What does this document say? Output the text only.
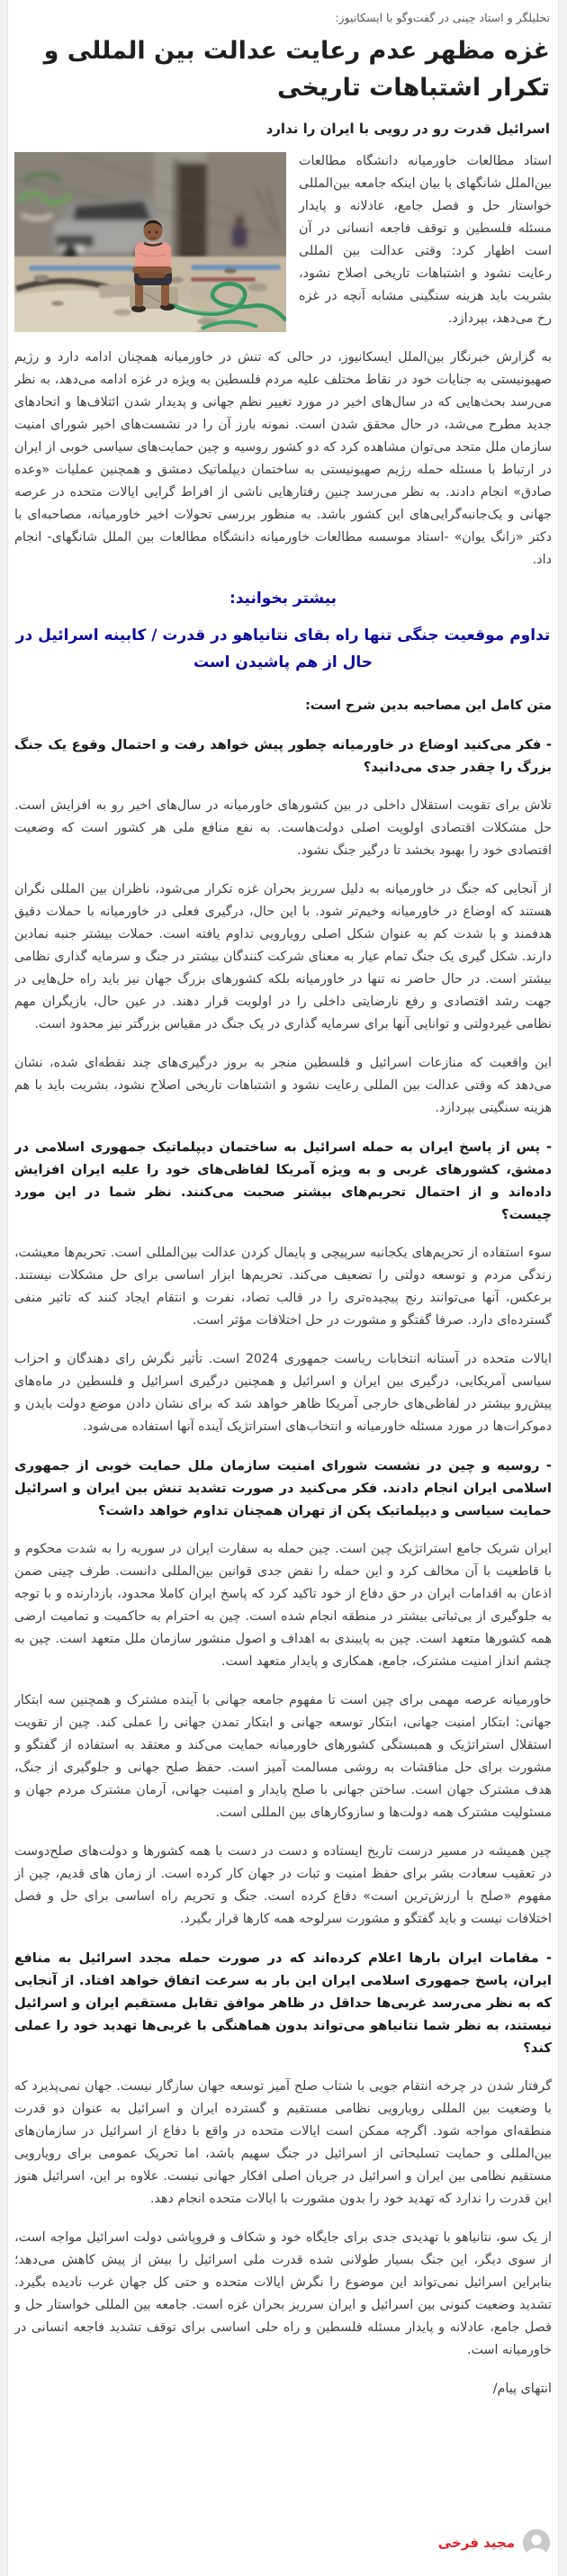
تحلیلگر و استاد چینی در گفت‌وگو با ایسکانیوز:
غزه مظهر عدم رعایت عدالت بین المللی و تکرار اشتباهات تاریخی
اسرائیل قدرت رو در رویی با ایران را ندارد

استاد مطالعات خاورمیانه دانشگاه مطالعات بین‌الملل شانگهای با بیان اینکه جامعه بین‌المللی خواستار حل و فصل جامع، عادلانه و پایدار مسئله فلسطین و توقف فاجعه انسانی در آن است اظهار کرد: وقتی عدالت بین المللی رعایت نشود و اشتباهات تاریخی اصلاح نشود، بشریت باید هزینه سنگینی مشابه آنچه در غزه رخ می‌دهد، بپردازد.

به گزارش خبرنگار بین‌الملل ایسکانیوز، در حالی که تنش در خاورمیانه همچنان ادامه دارد و رژیم صهیونیستی به جنایات خود در نقاط مختلف علیه مردم فلسطین به ویژه در غزه ادامه می‌دهد، به نظر می‌رسد بحث‌هایی که در سال‌های اخیر در مورد تغییر نظم جهانی و پدیدار شدن ائتلاف‌ها و اتحادهای جدید مطرح می‌شد، در حال محقق شدن است. نمونه بارز آن را در نشست‌های اخیر شورای امنیت سازمان ملل متحد می‌توان مشاهده کرد که دو کشور روسیه و چین حمایت‌های سیاسی خوبی از ایران در ارتباط با مسئله حمله رژیم صهیونیستی به ساختمان دیپلماتیک دمشق و همچنین عملیات «وعده صادق» انجام دادند. به نظر می‌رسد چنین رفتارهایی ناشی از افراط گرایی ایالات متحده در عرصه جهانی و یک‌جانبه‌گرایی‌های این کشور باشد. به منظور بررسی تحولات اخیر خاورمیانه، مصاحبه‌ای با دکتر «زانگ یوان» -استاد موسسه مطالعات خاورمیانه دانشگاه مطالعات بین الملل شانگهای- انجام داد.

بیشتر بخوانید:
تداوم موقعیت جنگی تنها راه بقای نتانیاهو در قدرت / کابینه اسرائیل در حال از هم پاشیدن است

متن کامل این مصاحبه بدین شرح است:

- فکر می‌کنید اوضاع در خاورمیانه چطور پیش خواهد رفت و احتمال وقوع یک جنگ بزرگ را چقدر جدی می‌دانید؟

تلاش برای تقویت استقلال داخلی در بین کشورهای خاورمیانه در سال‌های اخیر رو به افزایش است. حل مشکلات اقتصادی اولویت اصلی دولت‌هاست. به نفع منافع ملی هر کشور است که وضعیت اقتصادی خود را بهبود بخشد تا درگیر جنگ نشود.

از آنجایی که جنگ در خاورمیانه به دلیل سرریز بحران غزه تکرار می‌شود، ناظران بین المللی نگران هستند که اوضاع در خاورمیانه وخیم‌تر شود. با این حال، درگیری فعلی در خاورمیانه با حملات دقیق هدفمند و با شدت کم به عنوان شکل اصلی رویارویی تداوم یافته است. حملات بیشتر جنبه نمادین دارند. شکل گیری یک جنگ تمام عیار به معنای شرکت کنندگان بیشتر در جنگ و سرمایه گذاری نظامی بیشتر است. در حال حاضر نه تنها در خاورمیانه بلکه کشورهای بزرگ جهان نیز باید راه حل‌هایی در جهت رشد اقتصادی و رفع نارضایتی داخلی را در اولویت قرار دهند. در عین حال، بازیگران مهم نظامی غیردولتی و توانایی آنها برای سرمایه گذاری در یک جنگ در مقیاس بزرگتر نیز محدود است.

این واقعیت که منازعات اسرائیل و فلسطین منجر به بروز درگیری‌های چند نقطه‌ای شده، نشان می‌دهد که وقتی عدالت بین المللی رعایت نشود و اشتباهات تاریخی اصلاح نشود، بشریت باید با هم هزینه سنگینی بپردازد.

- پس از پاسخ ایران به حمله اسرائیل به ساختمان دیپلماتیک جمهوری اسلامی در دمشق، کشورهای غربی و به ویژه آمریکا لفاظی‌های خود را علیه ایران افزایش داده‌اند و از احتمال تحریم‌های بیشتر صحبت می‌کنند. نظر شما در این مورد چیست؟

سوء استفاده از تحریم‌های یکجانبه سرپیچی و پایمال کردن عدالت بین‌المللی است. تحریم‌ها معیشت، زندگی مردم و توسعه دولتی را تضعیف می‌کند. تحریم‌ها ابزار اساسی برای حل مشکلات نیستند. برعکس، آنها می‌توانند رنج پیچیده‌تری را در قالب تضاد، نفرت و انتقام ایجاد کنند که تاثیر منفی گسترده‌ای دارد. صرفا گفتگو و مشورت در حل اختلافات مؤثر است.

ایالات متحده در آستانه انتخابات ریاست جمهوری 2024 است. تأثیر نگرش رای دهندگان و احزاب سیاسی آمریکایی، درگیری بین ایران و اسرائیل و همچنین درگیری اسرائیل و فلسطین در ماه‌های پیش‌رو بیشتر در لفاظی‌های خارجی آمریکا ظاهر خواهد شد که برای نشان دادن موضع دولت بایدن و دموکرات‌ها در مورد مسئله خاورمیانه و انتخاب‌های استراتژیک آینده آنها استفاده می‌شود.

- روسیه و چین در نشست شورای امنیت سازمان ملل حمایت خوبی از جمهوری اسلامی ایران انجام دادند. فکر می‌کنید در صورت تشدید تنش بین ایران و اسرائیل حمایت سیاسی و دیپلماتیک پکن از تهران همچنان تداوم خواهد داشت؟

ایران شریک جامع استراتژیک چین است. چین حمله به سفارت ایران در سوریه را به شدت محکوم و با قاطعیت با آن مخالف کرد و این حمله را نقض جدی قوانین بین‌المللی دانست. طرف چینی ضمن اذعان به اقدامات ایران در حق دفاع از خود تاکید کرد که پاسخ ایران کاملا محدود، بازدارنده و با توجه به جلوگیری از بی‌ثباتی بیشتر در منطقه انجام شده است. چین به احترام به حاکمیت و تمامیت ارضی همه کشورها متعهد است. چین به پایبندی به اهداف و اصول منشور سازمان ملل متعهد است. چین به چشم انداز امنیت مشترک، جامع، همکاری و پایدار متعهد است.

خاورمیانه عرصه مهمی برای چین است تا مفهوم جامعه جهانی با آینده مشترک و همچنین سه ابتکار جهانی: ابتکار امنیت جهانی، ابتکار توسعه جهانی و ابتکار تمدن جهانی را عملی کند. چین از تقویت استقلال استراتژیک و همبستگی کشورهای خاورمیانه حمایت می‌کند و معتقد به استفاده از گفتگو و مشورت برای حل مناقشات به روشی مسالمت آمیز است. حفظ صلح جهانی و جلوگیری از جنگ، هدف مشترک جهان است. ساختن جهانی با صلح پایدار و امنیت جهانی، آرمان مشترک مردم جهان و مسئولیت مشترک همه دولت‌ها و سازوکارهای بین المللی است.

چین همیشه در مسیر درست تاریخ ایستاده و دست در دست با همه کشورها و دولت‌های صلح‌دوست در تعقیب سعادت بشر برای حفظ امنیت و ثبات در جهان کار کرده است. از زمان های قدیم، چین از مفهوم «صلح با ارزش‌ترین است» دفاع کرده است. جنگ و تحریم راه اساسی برای حل و فصل اختلافات نیست و باید گفتگو و مشورت سرلوحه همه کارها قرار بگیرد.

- مقامات ایران بارها اعلام کرده‌اند که در صورت حمله مجدد اسرائیل به منافع ایران، پاسخ جمهوری اسلامی ایران این بار به سرعت اتفاق خواهد افتاد. از آنجایی که به نظر می‌رسد غربی‌ها حداقل در ظاهر موافق تقابل مستقیم ایران و اسرائیل نیستند، به نظر شما نتانیاهو می‌تواند بدون هماهنگی با غربی‌ها تهدید خود را عملی کند؟

گرفتار شدن در چرخه انتقام جویی با شتاب صلح آمیز توسعه جهان سازگار نیست. جهان نمی‌پذیرد که با وضعیت بین المللی رویارویی نظامی مستقیم و گسترده ایران و اسرائیل به عنوان دو قدرت منطقه‌ای مواجه شود. اگرچه ممکن است ایالات متحده در واقع با دفاع از اسرائیل در سازمان‌های بین‌المللی و حمایت تسلیحاتی از اسرائیل در جنگ سهیم باشد، اما تحریک عمومی برای رویارویی مستقیم نظامی بین ایران و اسرائیل در جریان اصلی افکار جهانی نیست. علاوه بر این، اسرائیل هنوز این قدرت را ندارد که تهدید خود را بدون مشورت با ایالات متحده انجام دهد.

از یک سو، نتانیاهو با تهدیدی جدی برای جایگاه خود و شکاف و فروپاشی دولت اسرائیل مواجه است، از سوی دیگر، این جنگ بسیار طولانی شده قدرت ملی اسرائیل را بیش از پیش کاهش می‌دهد؛ بنابراین اسرائیل نمی‌تواند این موضوع را نگرش ایالات متحده و حتی کل جهان غرب نادیده بگیرد. تشدید وضعیت کنونی بین اسرائیل و ایران سرریز بحران غزه است. جامعه بین المللی خواستار حل و فصل جامع، عادلانه و پایدار مسئله فلسطین و راه حلی اساسی برای توقف تشدید فاجعه انسانی در خاورمیانه است.

انتهای پیام/

مجید فرخی
